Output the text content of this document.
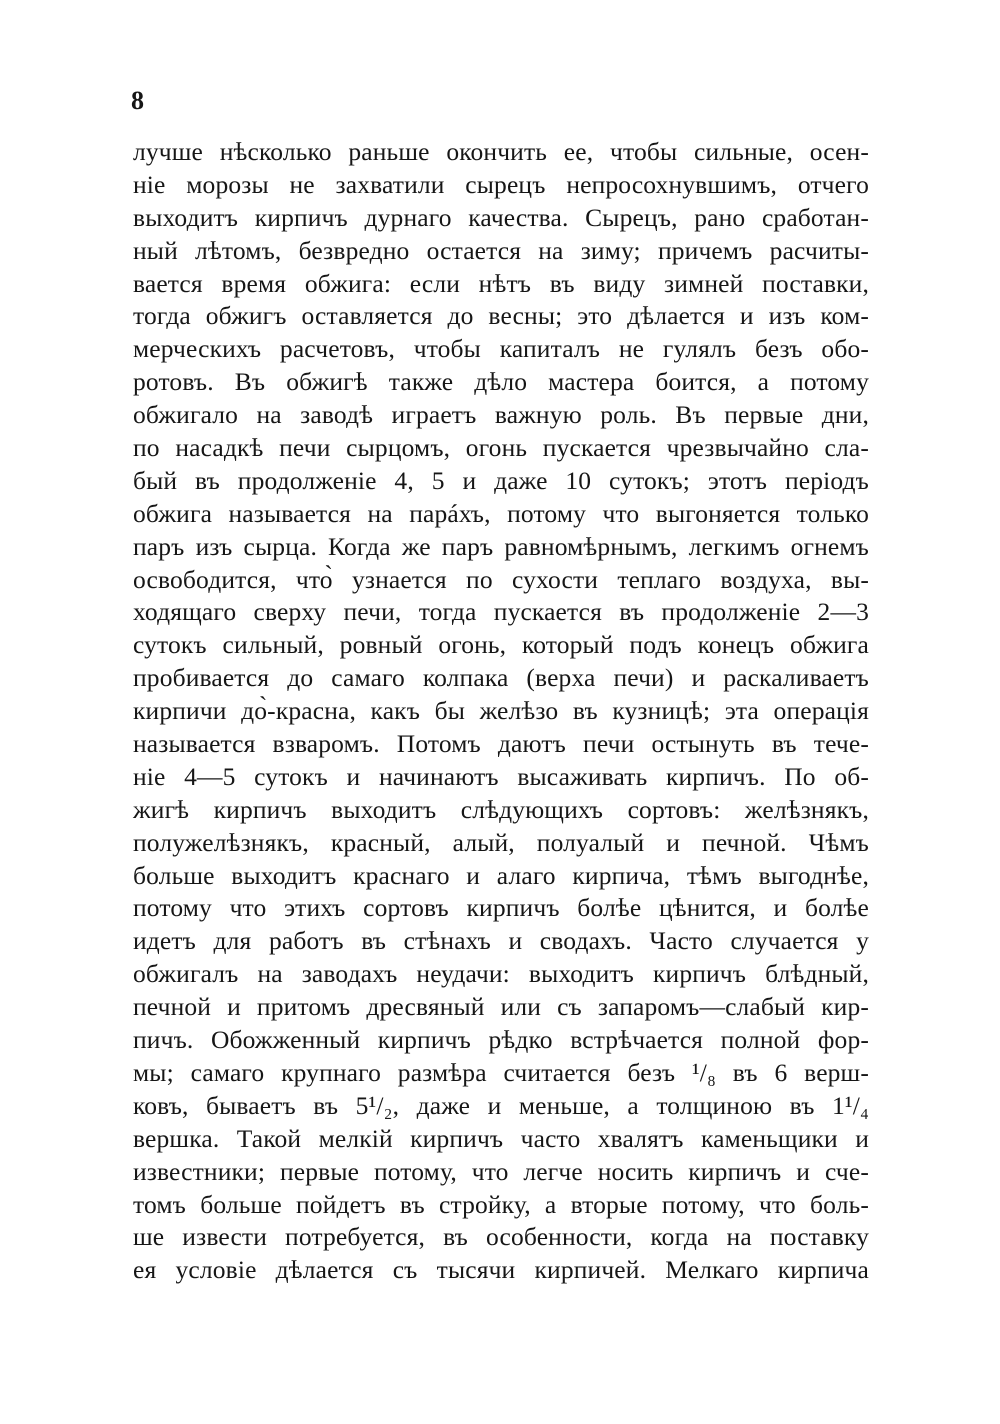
8
лучше нѣсколько раньше окончить ее, чтобы сильные, осен-
ніе морозы не захватили сырецъ непросохнувшимъ, отчего
выходитъ кирпичъ дурнаго качества. Сырецъ, рано сработан-
ный лѣтомъ, безвредно остается на зиму; причемъ расчиты-
вается время обжига: если нѣтъ въ виду зимней поставки,
тогда обжигъ оставляется до весны; это дѣлается и изъ ком-
мерческихъ расчетовъ, чтобы капиталъ не гулялъ безъ обо-
ротовъ. Въ обжигѣ также дѣло мастера боится, а потому
обжигало на заводѣ играетъ важную роль. Въ первые дни,
по насадкѣ печи сырцомъ, огонь пускается чрезвычайно сла-
бый въ продолженіе 4, 5 и даже 10 сутокъ; этотъ періодъ
обжига называется на парáхъ, потому что выгоняется только
паръ изъ сырца. Когда же паръ равномѣрнымъ, легкимъ огнемъ
освободится, что̀ узнается по сухости теплаго воздуха, вы-
ходящаго сверху печи, тогда пускается въ продолженіе 2—3
сутокъ сильный, ровный огонь, который подъ конецъ обжига
пробивается до самаго колпака (верха печи) и раскаливаетъ
кирпичи до̀-красна, какъ бы желѣзо въ кузницѣ; эта операція
называется взваромъ. Потомъ даютъ печи остынуть въ тече-
ніе 4—5 сутокъ и начинаютъ высаживать кирпичъ. По об-
жигѣ кирпичъ выходитъ слѣдующихъ сортовъ: желѣзнякъ,
полужелѣзнякъ, красный, алый, полуалый и печной. Чѣмъ
больше выходитъ краснаго и алаго кирпича, тѣмъ выгоднѣе,
потому что этихъ сортовъ кирпичъ болѣе цѣнится, и болѣе
идетъ для работъ въ стѣнахъ и сводахъ. Часто случается у
обжигалъ на заводахъ неудачи: выходитъ кирпичъ блѣдный,
печной и притомъ дресвяный или съ запаромъ—слабый кир-
пичъ. Обожженный кирпичъ рѣдко встрѣчается полной фор-
мы; самаго крупнаго размѣра считается безъ ¹/₈ въ 6 верш-
ковъ, бываетъ въ 5¹/₂, даже и меньше, а толщиною въ 1¹/₄
вершка. Такой мелкій кирпичъ часто хвалятъ каменьщики и
известники; первые потому, что легче носить кирпичъ и сче-
томъ больше пойдетъ въ стройку, а вторые потому, что боль-
ше извести потребуется, въ особенности, когда на поставку
ея условіе дѣлается съ тысячи кирпичей. Мелкаго кирпича
